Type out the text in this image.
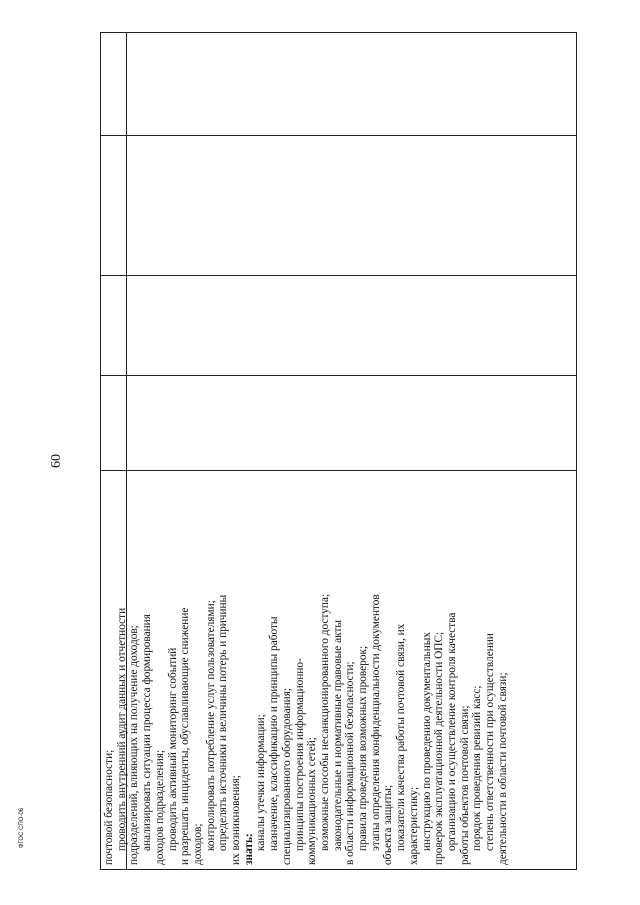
60
почтовой безопасности; проводить внутренний аудит данных и отчетности подразделений, влияющих на получение доходов; анализировать ситуации процесса формирования доходов подразделения; проводить активный мониторинг событий и разрешать инциденты, обуславливающие снижение доходов; контролировать потребление услуг пользователями; определять источники и величины потерь и причины их возникновения; знать: каналы утечки информации; назначение, классификацию и принципы работы специализированного оборудования; принципы построения информационно- коммуникационных сетей; возможные способы несанкционированного доступа; законодательные и нормативные правовые акты в области информационной безопасности; правила проведения возможных проверок; этапы определения конфиденциальности документов объекта защиты; показатели качества работы почтовой связи, их характеристику; инструкцию по проведению документальных проверок эксплуатационной деятельности ОПС; организацию и осуществление контроля качества работы объектов почтовой связи; порядок проведения ревизий касс; степень ответственности при осуществлении деятельности в области почтовой связи;
ФГОС СПО-06
